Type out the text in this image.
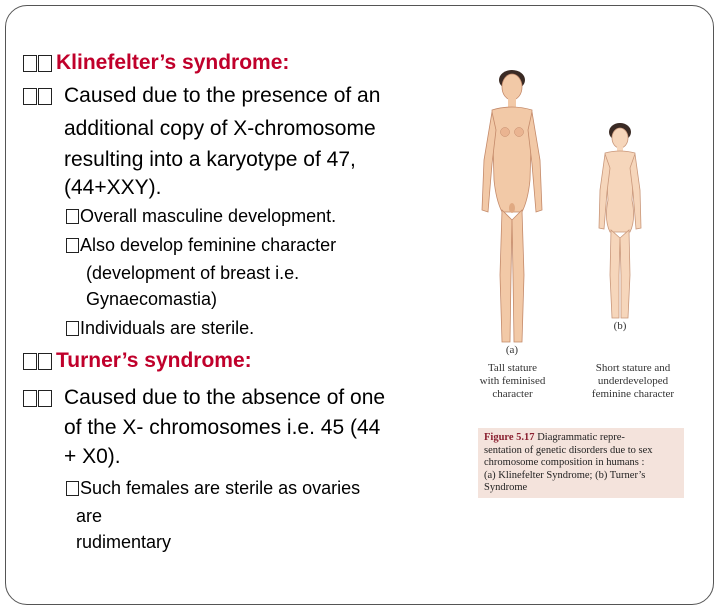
Klinefelter’s syndrome:
Caused due to the presence of an
additional copy of X-chromosome
resulting into a karyotype of 47,
(44+XXY).
Overall masculine development.
Also develop feminine character
(development of breast i.e.
Gynaecomastia)
Individuals are sterile.
Turner’s syndrome:
Caused due to the absence of one
of the X- chromosomes i.e. 45 (44
+ X0).
Such females are sterile as ovaries
are
rudimentary
(a)
(b)
Tall stature
with feminised
character
Short stature and
underdeveloped
feminine character
Figure 5.17 Diagrammatic repre-
sentation of genetic disorders due to sex
chromosome composition in humans :
(a) Klinefelter Syndrome; (b) Turner’s
Syndrome
